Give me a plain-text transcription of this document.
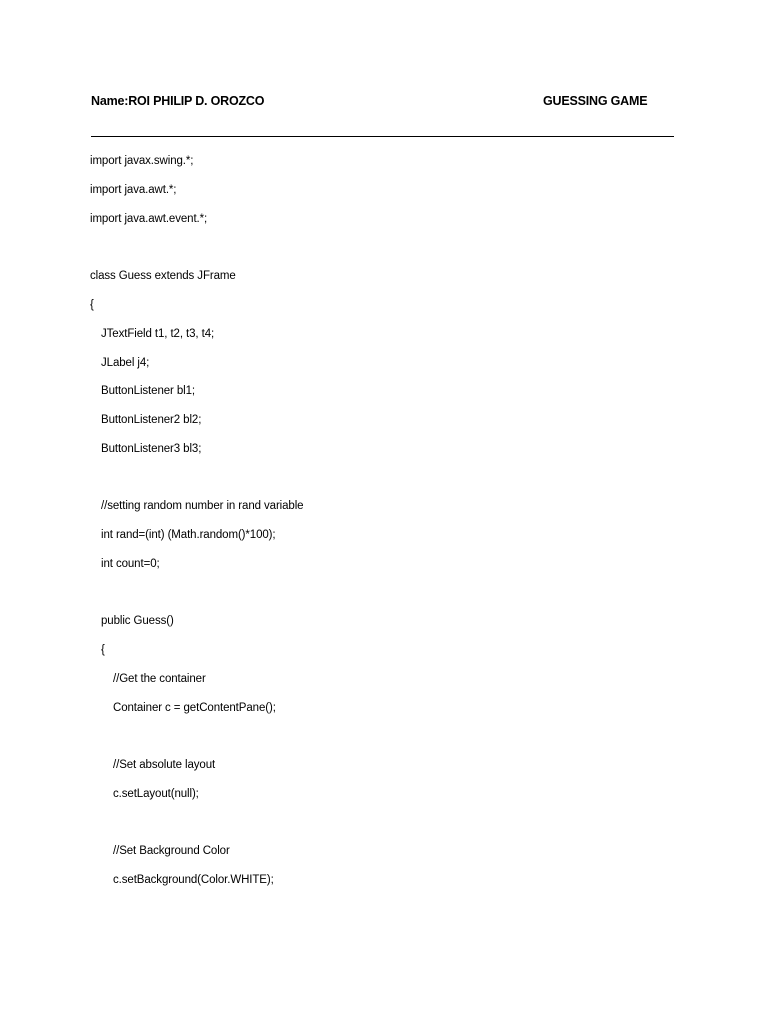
Name:ROI PHILIP D. OROZCO	GUESSING GAME
import javax.swing.*;
import java.awt.*;
import java.awt.event.*;
class Guess extends JFrame
{
JTextField t1, t2, t3, t4;
JLabel j4;
ButtonListener bl1;
ButtonListener2 bl2;
ButtonListener3 bl3;
//setting random number in rand variable
int rand=(int) (Math.random()*100);
int count=0;
public Guess()
{
//Get the container
Container c = getContentPane();
//Set absolute layout
c.setLayout(null);
//Set Background Color
c.setBackground(Color.WHITE);
